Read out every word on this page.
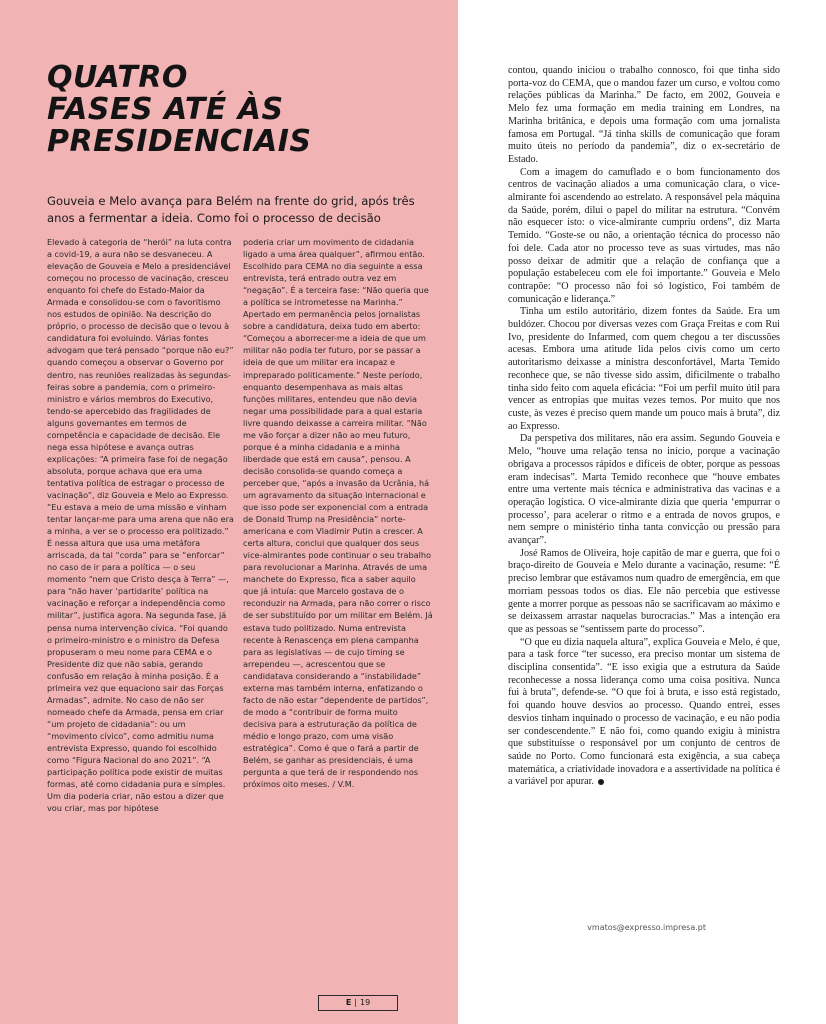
QUATRO
FASES ATÉ ÀS
PRESIDENCIAIS

Gouveia e Melo avança para Belém na frente do grid, após três anos a fermentar a ideia. Como foi o processo de decisão

Elevado à categoria de “herói” na luta contra a covid-19, a aura não se desvaneceu. A elevação de Gouveia e Melo a presidenciável começou no processo de vacinação, cresceu enquanto foi chefe do Estado-Maior da Armada e consolidou-se com o favoritismo nos estudos de opinião. Na descrição do próprio, o processo de decisão que o levou à candidatura foi evoluindo. Várias fontes advogam que terá pensado “porque não eu?” quando começou a observar o Governo por dentro, nas reuniões realizadas às segundas-feiras sobre a pandemia, com o primeiro-ministro e vários membros do Executivo, tendo-se apercebido das fragilidades de alguns governantes em termos de competência e capacidade de decisão. Ele nega essa hipótese e avança outras explicações: “A primeira fase foi de negação absoluta, porque achava que era uma tentativa política de estragar o processo de vacinação”, diz Gouveia e Melo ao Expresso. “Eu estava a meio de uma missão e vinham tentar lançar-me para uma arena que não era a minha, a ver se o processo era politizado.” É nessa altura que usa uma metáfora arriscada, da tal “corda” para se “enforcar” no caso de ir para a política — o seu momento “nem que Cristo desça à Terra” —, para “não haver ‘partidarite’ política na vacinação e reforçar a independência como militar”, justifica agora. Na segunda fase, já pensa numa intervenção cívica. “Foi quando o primeiro-ministro e o ministro da Defesa propuseram o meu nome para CEMA e o Presidente diz que não sabia, gerando confusão em relação à minha posição. É a primeira vez que equaciono sair das Forças Armadas”, admite. No caso de não ser nomeado chefe da Armada, pensa em criar “um projeto de cidadania”: ou um “movimento cívico”, como admitiu numa entrevista Expresso, quando foi escolhido como “Figura Nacional do ano 2021”. “A participação política pode existir de muitas formas, até como cidadania pura e simples. Um dia poderia criar, não estou a dizer que vou criar, mas por hipótese

poderia criar um movimento de cidadania ligado a uma área qualquer”, afirmou então. Escolhido para CEMA no dia seguinte a essa entrevista, terá entrado outra vez em “negação”. É a terceira fase: “Não queria que a política se intrometesse na Marinha.” Apertado em permanência pelos jornalistas sobre a candidatura, deixa tudo em aberto: “Começou a aborrecer-me a ideia de que um militar não podia ter futuro, por se passar a ideia de que um militar era incapaz e impreparado politicamente.” Neste período, enquanto desempenhava as mais altas funções militares, entendeu que não devia negar uma possibilidade para a qual estaria livre quando deixasse a carreira militar. “Não me vão forçar a dizer não ao meu futuro, porque é a minha cidadania e a minha liberdade que está em causa”, pensou. A decisão consolida-se quando começa a perceber que, “após a invasão da Ucrânia, há um agravamento da situação internacional e que isso pode ser exponencial com a entrada de Donald Trump na Presidência” norte-americana e com Vladimir Putin a crescer. A certa altura, conclui que qualquer dos seus vice-almirantes pode continuar o seu trabalho para revolucionar a Marinha. Através de uma manchete do Expresso, fica a saber aquilo que já intuía: que Marcelo gostava de o reconduzir na Armada, para não correr o risco de ser substituído por um militar em Belém. Já estava tudo politizado. Numa entrevista recente à Renascença em plena campanha para as legislativas — de cujo timing se arrependeu —, acrescentou que se candidatava considerando a “instabilidade” externa mas também interna, enfatizando o facto de não estar “dependente de partidos”, de modo a “contribuir de forma muito decisiva para a estruturação da política de médio e longo prazo, com uma visão estratégica”. Como é que o fará a partir de Belém, se ganhar as presidenciais, é uma pergunta a que terá de ir respondendo nos próximos oito meses. / V.M.

contou, quando iniciou o trabalho connosco, foi que tinha sido porta-voz do CEMA, que o mandou fazer um curso, e voltou como relações públicas da Marinha.” De facto, em 2002, Gouveia e Melo fez uma formação em media training em Londres, na Marinha britânica, e depois uma formação com uma jornalista famosa em Portugal. “Já tinha skills de comunicação que foram muito úteis no período da pandemia”, diz o ex-secretário de Estado.

Com a imagem do camuflado e o bom funcionamento dos centros de vacinação aliados a uma comunicação clara, o vice-almirante foi ascendendo ao estrelato. A responsável pela máquina da Saúde, porém, dilui o papel do militar na estrutura. “Convém não esquecer isto: o vice-almirante cumpriu ordens”, diz Marta Temido. “Goste-se ou não, a orientação técnica do processo não foi dele. Cada ator no processo teve as suas virtudes, mas não posso deixar de admitir que a relação de confiança que a população estabeleceu com ele foi importante.” Gouveia e Melo contrapõe: “O processo não foi só logístico, Foi também de comunicação e liderança.”

Tinha um estilo autoritário, dizem fontes da Saúde. Era um buldózer. Chocou por diversas vezes com Graça Freitas e com Rui Ivo, presidente do Infarmed, com quem chegou a ter discussões acesas. Embora uma atitude lida pelos civis como um certo autoritarismo deixasse a ministra desconfortável, Marta Temido reconhece que, se não tivesse sido assim, dificilmente o trabalho tinha sido feito com aquela eficácia: “Foi um perfil muito útil para vencer as entropias que muitas vezes temos. Por muito que nos custe, às vezes é preciso quem mande um pouco mais à bruta”, diz ao Expresso.

Da perspetiva dos militares, não era assim. Segundo Gouveia e Melo, “houve uma relação tensa no início, porque a vacinação obrigava a processos rápidos e difíceis de obter, porque as pessoas eram indecisas”. Marta Temido reconhece que “houve embates entre uma vertente mais técnica e administrativa das vacinas e a operação logística. O vice-almirante dizia que queria ‘empurrar o processo’, para acelerar o ritmo e a entrada de novos grupos, e nem sempre o ministério tinha tanta convicção ou pressão para avançar”.

José Ramos de Oliveira, hoje capitão de mar e guerra, que foi o braço-direito de Gouveia e Melo durante a vacinação, resume: “É preciso lembrar que estávamos num quadro de emergência, em que morriam pessoas todos os dias. Ele não percebia que estivesse gente a morrer porque as pessoas não se sacrificavam ao máximo e se deixassem arrastar naquelas burocracias.” Mas a intenção era que as pessoas se “sentissem parte do processo”.

“O que eu dizia naquela altura”, explica Gouveia e Melo, é que, para a task force “ter sucesso, era preciso montar um sistema de disciplina consentida”. “E isso exigia que a estrutura da Saúde reconhecesse a nossa liderança como uma coisa positiva. Nunca fui à bruta”, defende-se. “O que foi à bruta, e isso está registado, foi quando houve desvios ao processo. Quando entrei, esses desvios tinham inquinado o processo de vacinação, e eu não podia ser condescendente.” E não foi, como quando exigiu à ministra que substituísse o responsável por um conjunto de centros de saúde no Porto. Como funcionará esta exigência, a sua cabeça matemática, a criatividade inovadora e a assertividade na política é a variável por apurar.

vmatos@expresso.impresa.pt
E | 19
